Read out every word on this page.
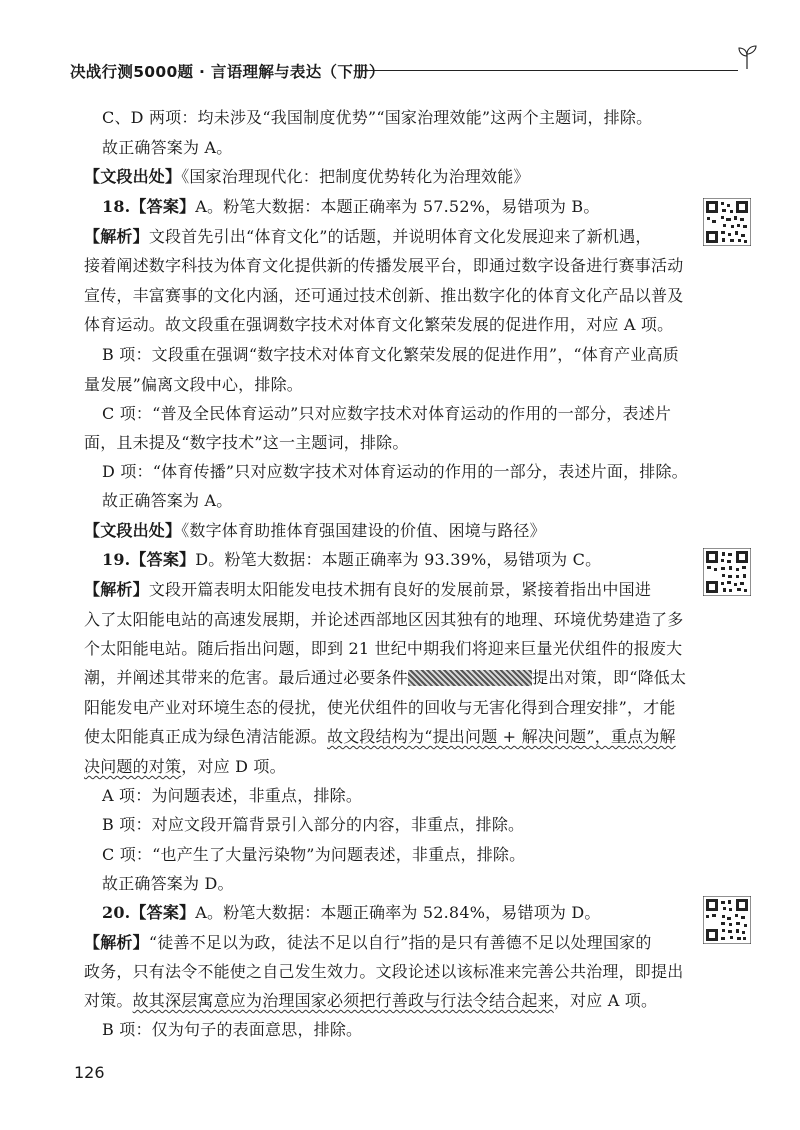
决战行测5000题 · 言语理解与表达（下册）
C、D 两项：均未涉及“我国制度优势”“国家治理效能”这两个主题词，排除。
故正确答案为 A。
【文段出处】《国家治理现代化：把制度优势转化为治理效能》
18.【答案】A。粉笔大数据：本题正确率为 57.52%，易错项为 B。
【解析】文段首先引出“体育文化”的话题，并说明体育文化发展迎来了新机遇，
接着阐述数字科技为体育文化提供新的传播发展平台，即通过数字设备进行赛事活动
宣传，丰富赛事的文化内涵，还可通过技术创新、推出数字化的体育文化产品以普及
体育运动。故文段重在强调数字技术对体育文化繁荣发展的促进作用，对应 A 项。
B 项：文段重在强调“数字技术对体育文化繁荣发展的促进作用”，“体育产业高质
量发展”偏离文段中心，排除。
C 项：“普及全民体育运动”只对应数字技术对体育运动的作用的一部分，表述片
面，且未提及“数字技术”这一主题词，排除。
D 项：“体育传播”只对应数字技术对体育运动的作用的一部分，表述片面，排除。
故正确答案为 A。
【文段出处】《数字体育助推体育强国建设的价值、困境与路径》
19.【答案】D。粉笔大数据：本题正确率为 93.39%，易错项为 C。
【解析】文段开篇表明太阳能发电技术拥有良好的发展前景，紧接着指出中国进
入了太阳能电站的高速发展期，并论述西部地区因其独有的地理、环境优势建造了多
个太阳能电站。随后指出问题，即到 21 世纪中期我们将迎来巨量光伏组件的报废大
潮，并阐述其带来的危害。最后通过必要条件	提出对策，即“降低太
阳能发电产业对环境生态的侵扰，使光伏组件的回收与无害化得到合理安排”，才能
使太阳能真正成为绿色清洁能源。故文段结构为“提出问题 + 解决问题”，重点为解
决问题的对策，对应 D 项。
A 项：为问题表述，非重点，排除。
B 项：对应文段开篇背景引入部分的内容，非重点，排除。
C 项：“也产生了大量污染物”为问题表述，非重点，排除。
故正确答案为 D。
20.【答案】A。粉笔大数据：本题正确率为 52.84%，易错项为 D。
【解析】“徒善不足以为政，徒法不足以自行”指的是只有善德不足以处理国家的
政务，只有法令不能使之自己发生效力。文段论述以该标准来完善公共治理，即提出
对策。故其深层寓意应为治理国家必须把行善政与行法令结合起来，对应 A 项。
B 项：仅为句子的表面意思，排除。
126
